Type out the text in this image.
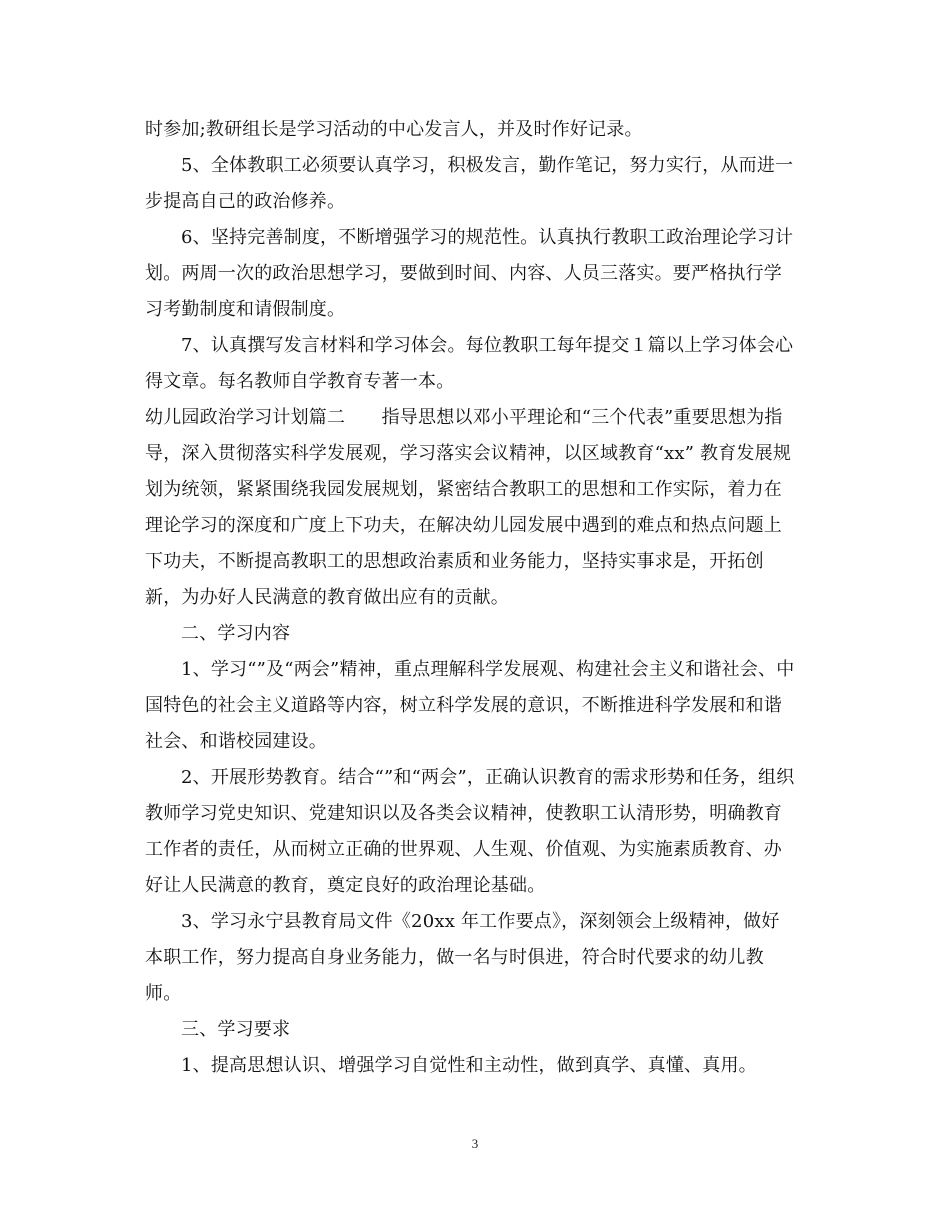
时参加;教研组长是学习活动的中心发言人，并及时作好记录。
5、全体教职工必须要认真学习，积极发言，勤作笔记，努力实行，从而进一
步提高自己的政治修养。
6、坚持完善制度，不断增强学习的规范性。认真执行教职工政治理论学习计
划。两周一次的政治思想学习，要做到时间、内容、人员三落实。要严格执行学
习考勤制度和请假制度。
7、认真撰写发言材料和学习体会。每位教职工每年提交１篇以上学习体会心
得文章。每名教师自学教育专著一本。
幼儿园政治学习计划篇二　　指导思想以邓小平理论和“三个代表”重要思想为指
导，深入贯彻落实科学发展观，学习落实会议精神，以区域教育“xx” 教育发展规
划为统领，紧紧围绕我园发展规划，紧密结合教职工的思想和工作实际，着力在
理论学习的深度和广度上下功夫，在解决幼儿园发展中遇到的难点和热点问题上
下功夫，不断提高教职工的思想政治素质和业务能力，坚持实事求是，开拓创
新，为办好人民满意的教育做出应有的贡献。
二、学习内容
1、学习“”及“两会”精神，重点理解科学发展观、构建社会主义和谐社会、中
国特色的社会主义道路等内容，树立科学发展的意识，不断推进科学发展和和谐
社会、和谐校园建设。
2、开展形势教育。结合“”和“两会”，正确认识教育的需求形势和任务，组织
教师学习党史知识、党建知识以及各类会议精神，使教职工认清形势，明确教育
工作者的责任，从而树立正确的世界观、人生观、价值观、为实施素质教育、办
好让人民满意的教育，奠定良好的政治理论基础。
3、学习永宁县教育局文件《20xx 年工作要点》，深刻领会上级精神，做好
本职工作，努力提高自身业务能力，做一名与时俱进，符合时代要求的幼儿教
师。
三、学习要求
1、提高思想认识、增强学习自觉性和主动性，做到真学、真懂、真用。
3
